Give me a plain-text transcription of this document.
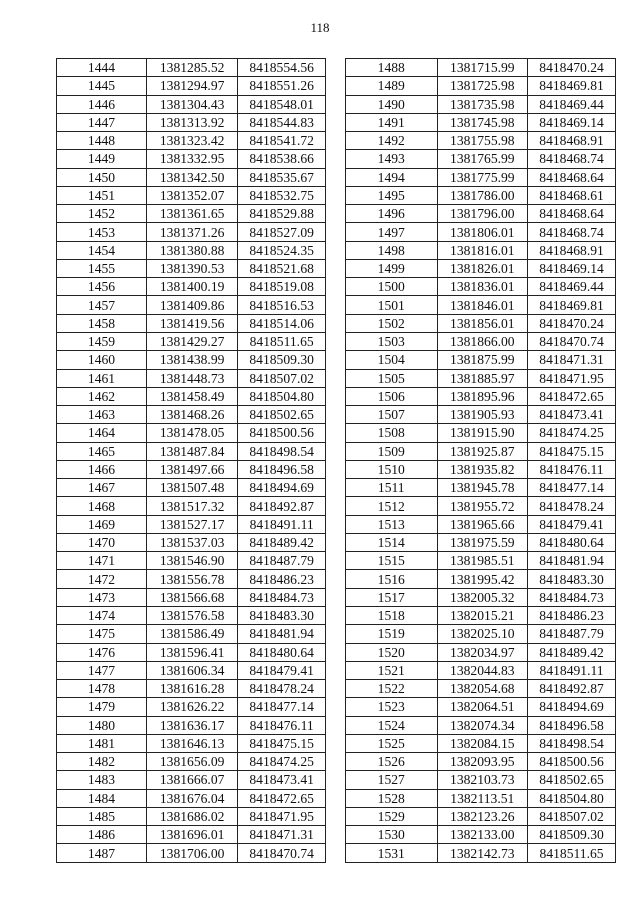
118
1444	1381285.52	8418554.56
1445	1381294.97	8418551.26
1446	1381304.43	8418548.01
1447	1381313.92	8418544.83
1448	1381323.42	8418541.72
1449	1381332.95	8418538.66
1450	1381342.50	8418535.67
1451	1381352.07	8418532.75
1452	1381361.65	8418529.88
1453	1381371.26	8418527.09
1454	1381380.88	8418524.35
1455	1381390.53	8418521.68
1456	1381400.19	8418519.08
1457	1381409.86	8418516.53
1458	1381419.56	8418514.06
1459	1381429.27	8418511.65
1460	1381438.99	8418509.30
1461	1381448.73	8418507.02
1462	1381458.49	8418504.80
1463	1381468.26	8418502.65
1464	1381478.05	8418500.56
1465	1381487.84	8418498.54
1466	1381497.66	8418496.58
1467	1381507.48	8418494.69
1468	1381517.32	8418492.87
1469	1381527.17	8418491.11
1470	1381537.03	8418489.42
1471	1381546.90	8418487.79
1472	1381556.78	8418486.23
1473	1381566.68	8418484.73
1474	1381576.58	8418483.30
1475	1381586.49	8418481.94
1476	1381596.41	8418480.64
1477	1381606.34	8418479.41
1478	1381616.28	8418478.24
1479	1381626.22	8418477.14
1480	1381636.17	8418476.11
1481	1381646.13	8418475.15
1482	1381656.09	8418474.25
1483	1381666.07	8418473.41
1484	1381676.04	8418472.65
1485	1381686.02	8418471.95
1486	1381696.01	8418471.31
1487	1381706.00	8418470.74
1488	1381715.99	8418470.24
1489	1381725.98	8418469.81
1490	1381735.98	8418469.44
1491	1381745.98	8418469.14
1492	1381755.98	8418468.91
1493	1381765.99	8418468.74
1494	1381775.99	8418468.64
1495	1381786.00	8418468.61
1496	1381796.00	8418468.64
1497	1381806.01	8418468.74
1498	1381816.01	8418468.91
1499	1381826.01	8418469.14
1500	1381836.01	8418469.44
1501	1381846.01	8418469.81
1502	1381856.01	8418470.24
1503	1381866.00	8418470.74
1504	1381875.99	8418471.31
1505	1381885.97	8418471.95
1506	1381895.96	8418472.65
1507	1381905.93	8418473.41
1508	1381915.90	8418474.25
1509	1381925.87	8418475.15
1510	1381935.82	8418476.11
1511	1381945.78	8418477.14
1512	1381955.72	8418478.24
1513	1381965.66	8418479.41
1514	1381975.59	8418480.64
1515	1381985.51	8418481.94
1516	1381995.42	8418483.30
1517	1382005.32	8418484.73
1518	1382015.21	8418486.23
1519	1382025.10	8418487.79
1520	1382034.97	8418489.42
1521	1382044.83	8418491.11
1522	1382054.68	8418492.87
1523	1382064.51	8418494.69
1524	1382074.34	8418496.58
1525	1382084.15	8418498.54
1526	1382093.95	8418500.56
1527	1382103.73	8418502.65
1528	1382113.51	8418504.80
1529	1382123.26	8418507.02
1530	1382133.00	8418509.30
1531	1382142.73	8418511.65
